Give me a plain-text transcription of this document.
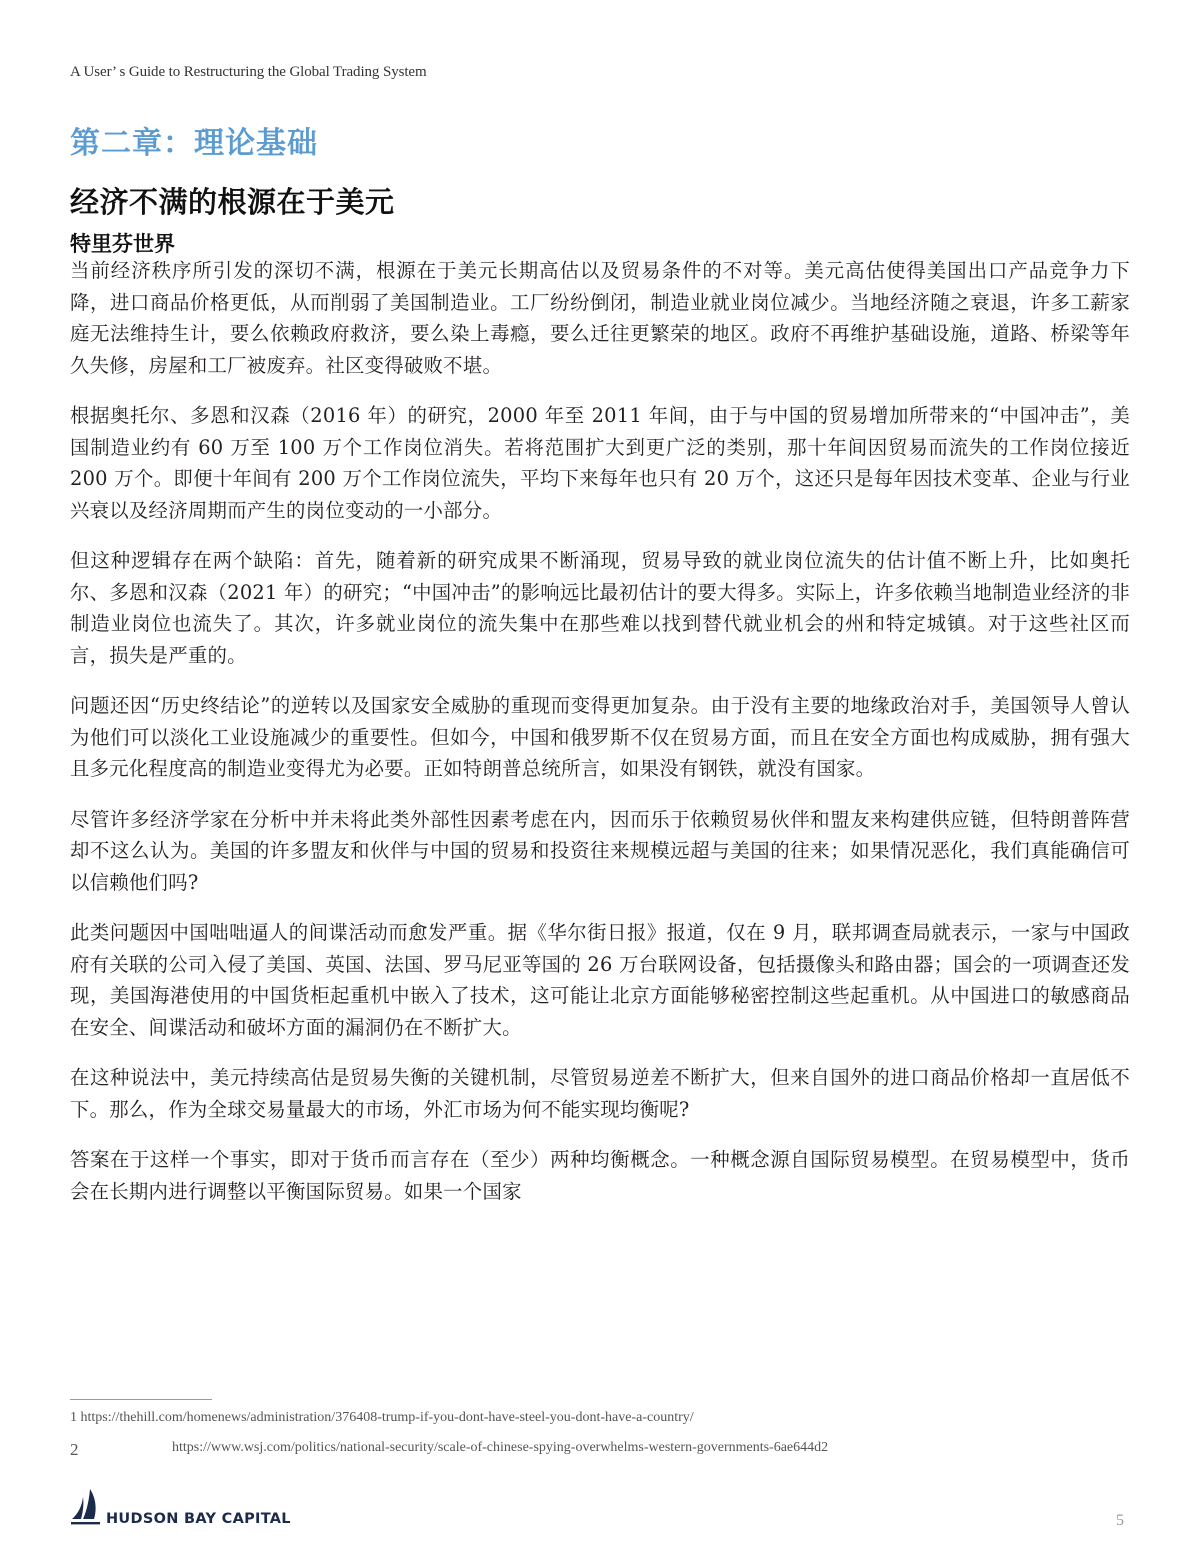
A User’ s Guide to Restructuring the Global Trading System
第二章：理论基础
经济不满的根源在于美元
特里芬世界

当前经济秩序所引发的深切不满，根源在于美元长期高估以及贸易条件的不对等。美元高估使得美国出口产品竞争力下降，进口商品价格更低，从而削弱了美国制造业。工厂纷纷倒闭，制造业就业岗位减少。当地经济随之衰退，许多工薪家庭无法维持生计，要么依赖政府救济，要么染上毒瘾，要么迁往更繁荣的地区。政府不再维护基础设施，道路、桥梁等年久失修，房屋和工厂被废弃。社区变得破败不堪。

根据奥托尔、多恩和汉森（2016 年）的研究，2000 年至 2011 年间，由于与中国的贸易增加所带来的“中国冲击”，美国制造业约有 60 万至 100 万个工作岗位消失。若将范围扩大到更广泛的类别，那十年间因贸易而流失的工作岗位接近 200 万个。即便十年间有 200 万个工作岗位流失，平均下来每年也只有 20 万个，这还只是每年因技术变革、企业与行业兴衰以及经济周期而产生的岗位变动的一小部分。

但这种逻辑存在两个缺陷：首先，随着新的研究成果不断涌现，贸易导致的就业岗位流失的估计值不断上升，比如奥托尔、多恩和汉森（2021 年）的研究；“中国冲击”的影响远比最初估计的要大得多。实际上，许多依赖当地制造业经济的非制造业岗位也流失了。其次，许多就业岗位的流失集中在那些难以找到替代就业机会的州和特定城镇。对于这些社区而言，损失是严重的。

问题还因“历史终结论”的逆转以及国家安全威胁的重现而变得更加复杂。由于没有主要的地缘政治对手，美国领导人曾认为他们可以淡化工业设施减少的重要性。但如今，中国和俄罗斯不仅在贸易方面，而且在安全方面也构成威胁，拥有强大且多元化程度高的制造业变得尤为必要。正如特朗普总统所言，如果没有钢铁，就没有国家。

尽管许多经济学家在分析中并未将此类外部性因素考虑在内，因而乐于依赖贸易伙伴和盟友来构建供应链，但特朗普阵营却不这么认为。美国的许多盟友和伙伴与中国的贸易和投资往来规模远超与美国的往来；如果情况恶化，我们真能确信可以信赖他们吗?

此类问题因中国咄咄逼人的间谍活动而愈发严重。据《华尔街日报》报道，仅在 9 月，联邦调查局就表示，一家与中国政府有关联的公司入侵了美国、英国、法国、罗马尼亚等国的 26 万台联网设备，包括摄像头和路由器；国会的一项调查还发现，美国海港使用的中国货柜起重机中嵌入了技术，这可能让北京方面能够秘密控制这些起重机。从中国进口的敏感商品在安全、间谍活动和破坏方面的漏洞仍在不断扩大。

在这种说法中，美元持续高估是贸易失衡的关键机制，尽管贸易逆差不断扩大，但来自国外的进口商品价格却一直居低不下。那么，作为全球交易量最大的市场，外汇市场为何不能实现均衡呢?

答案在于这样一个事实，即对于货币而言存在（至少）两种均衡概念。一种概念源自国际贸易模型。在贸易模型中，货币会在长期内进行调整以平衡国际贸易。如果一个国家

1 https://thehill.com/homenews/administration/376408-trump-if-you-dont-have-steel-you-dont-have-a-country/
2	https://www.wsj.com/politics/national-security/scale-of-chinese-spying-overwhelms-western-governments-6ae644d2
HUDSON BAY CAPITAL	5
